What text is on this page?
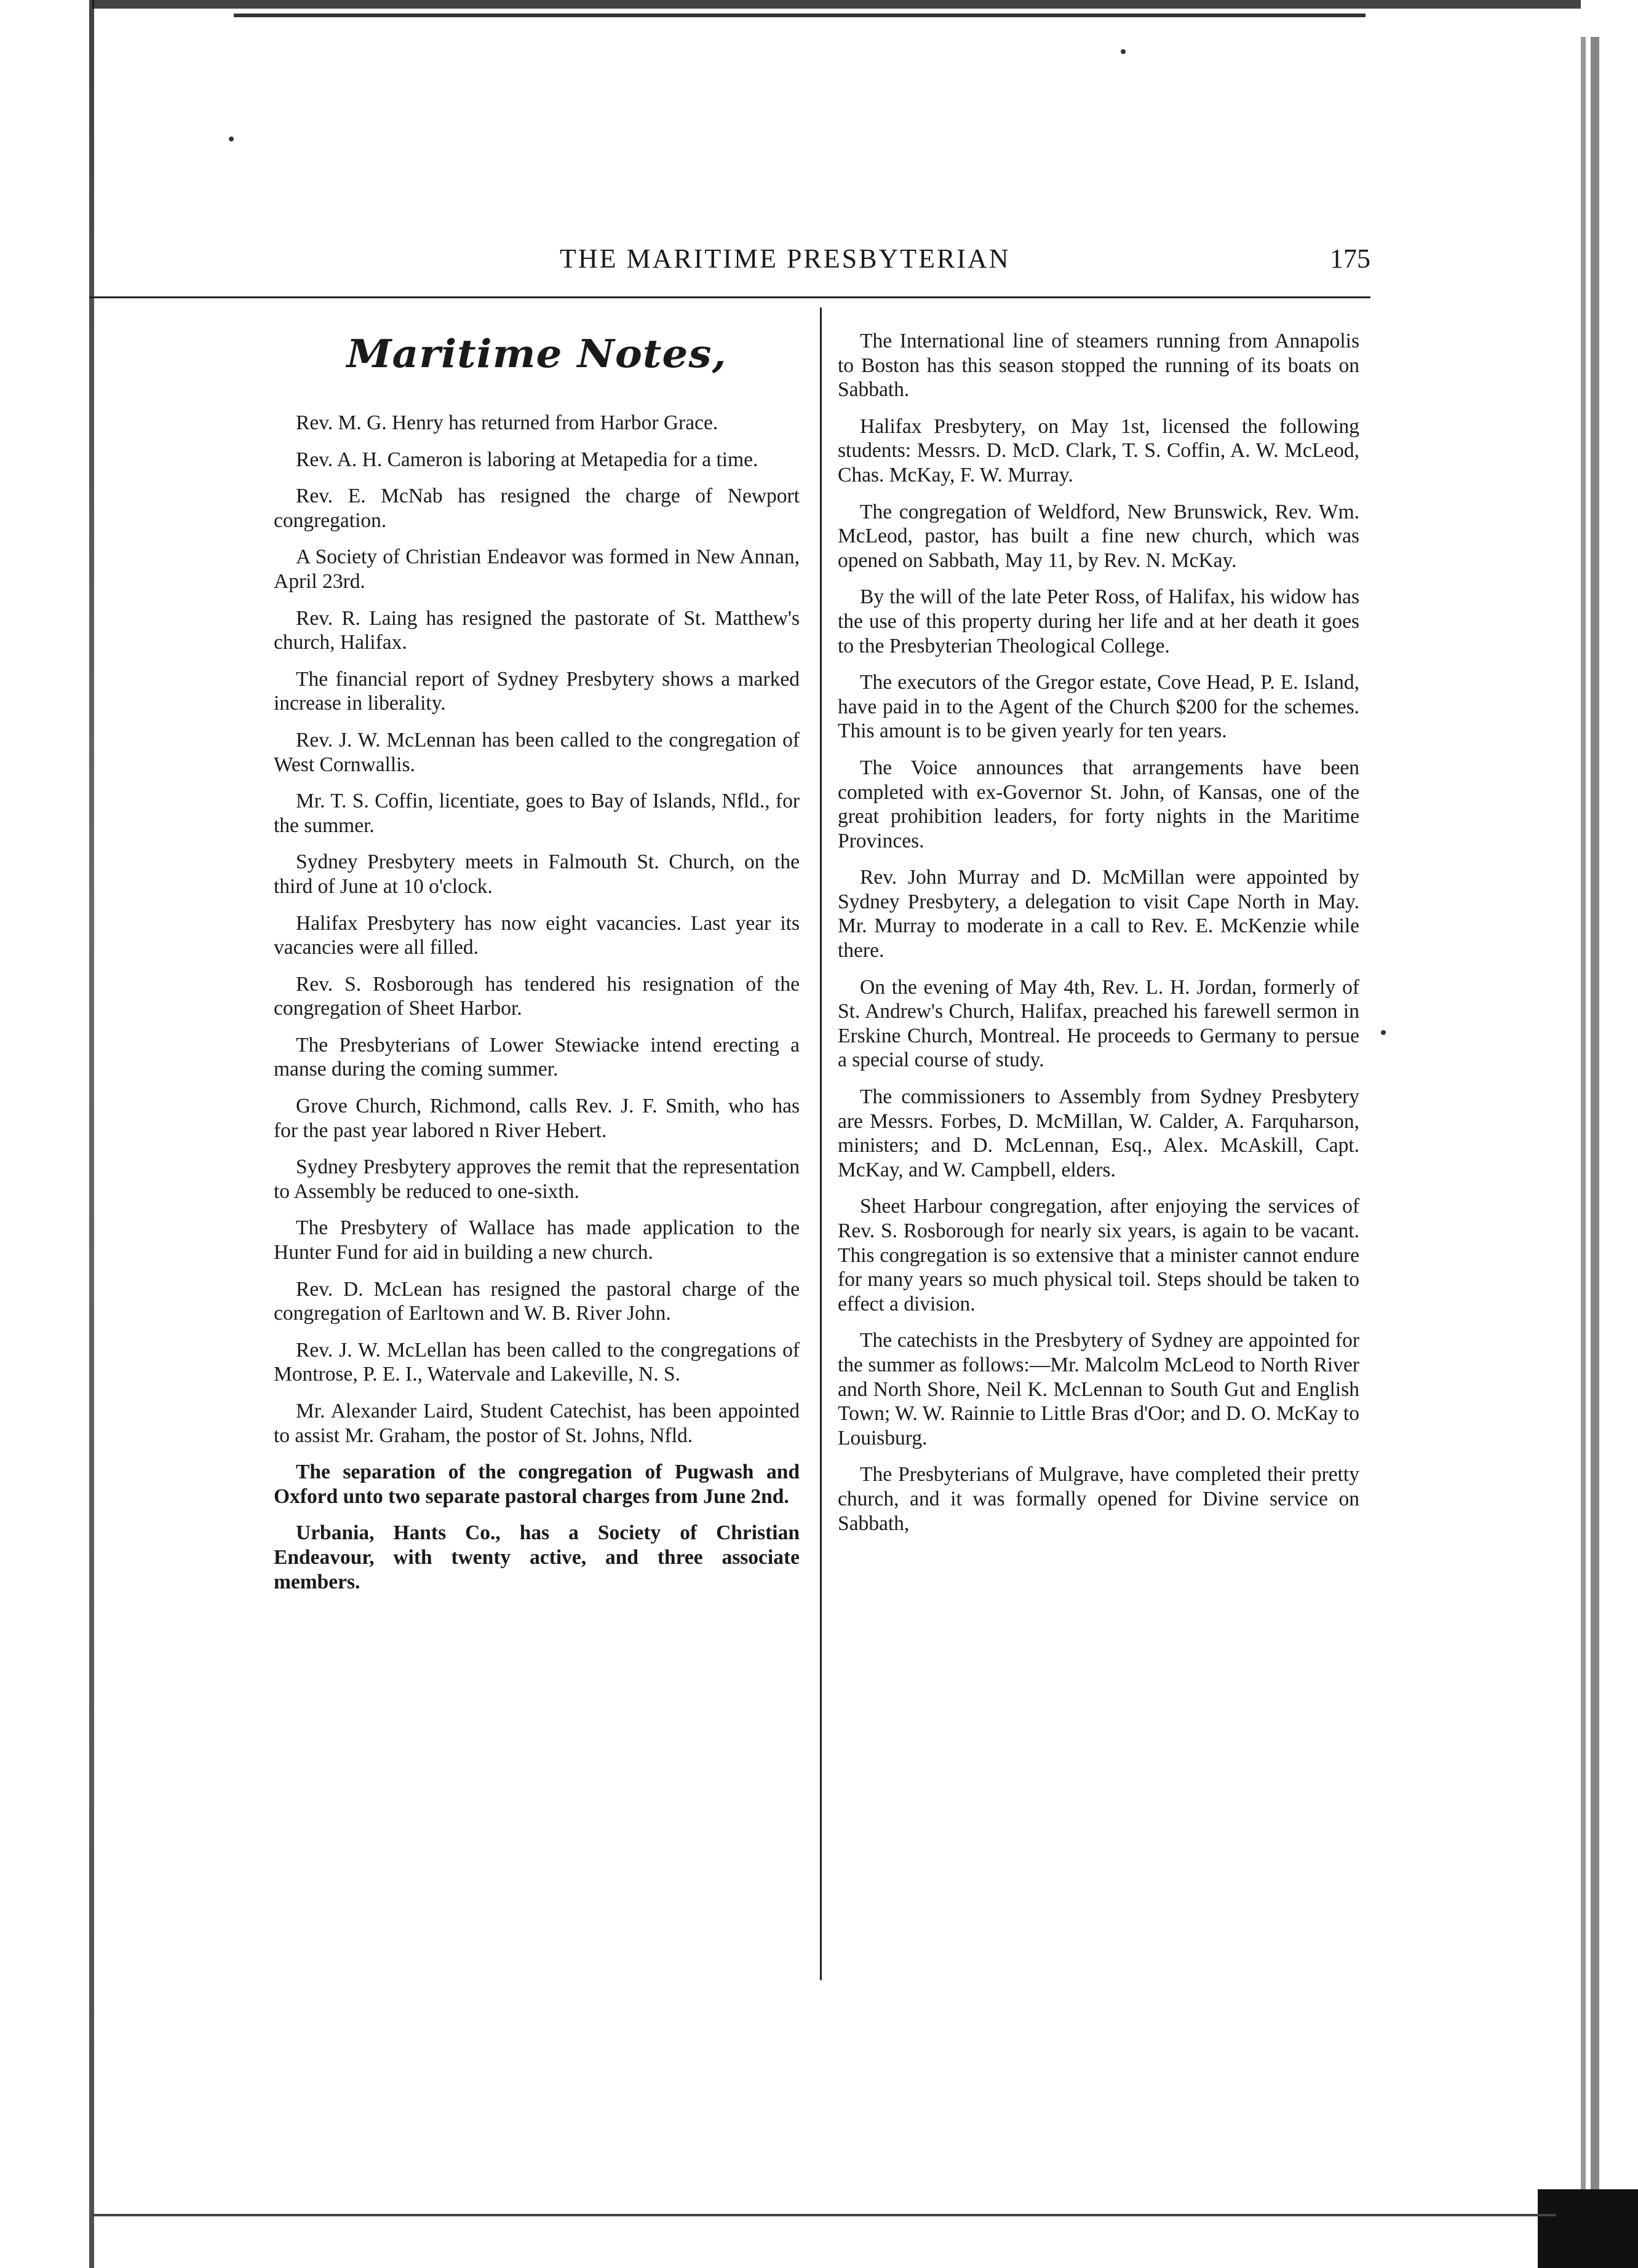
THE MARITIME PRESBYTERIAN	175
Maritime Notes,

Rev. M. G. Henry has returned from Harbor Grace.

Rev. A. H. Cameron is laboring at Metapedia for a time.

Rev. E. McNab has resigned the charge of Newport congregation.

A Society of Christian Endeavor was formed in New Annan, April 23rd.

Rev. R. Laing has resigned the pastorate of St. Matthew's church, Halifax.

The financial report of Sydney Presbytery shows a marked increase in liberality.

Rev. J. W. McLennan has been called to the congregation of West Cornwallis.

Mr. T. S. Coffin, licentiate, goes to Bay of Islands, Nfld., for the summer.

Sydney Presbytery meets in Falmouth St. Church, on the third of June at 10 o'clock.

Halifax Presbytery has now eight vacancies. Last year its vacancies were all filled.

Rev. S. Rosborough has tendered his resignation of the congregation of Sheet Harbor.

The Presbyterians of Lower Stewiacke intend erecting a manse during the coming summer.

Grove Church, Richmond, calls Rev. J. F. Smith, who has for the past year labored n River Hebert.

Sydney Presbytery approves the remit that the representation to Assembly be reduced to one-sixth.

The Presbytery of Wallace has made application to the Hunter Fund for aid in building a new church.

Rev. D. McLean has resigned the pastoral charge of the congregation of Earltown and W. B. River John.

Rev. J. W. McLellan has been called to the congregations of Montrose, P. E. I., Watervale and Lakeville, N. S.

Mr. Alexander Laird, Student Catechist, has been appointed to assist Mr. Graham, the postor of St. Johns, Nfld.

The separation of the congregation of Pugwash and Oxford unto two separate pastoral charges from June 2nd.

Urbania, Hants Co., has a Society of Christian Endeavour, with twenty active, and three associate members.

The International line of steamers running from Annapolis to Boston has this season stopped the running of its boats on Sabbath.

Halifax Presbytery, on May 1st, licensed the following students: Messrs. D. McD. Clark, T. S. Coffin, A. W. McLeod, Chas. McKay, F. W. Murray.

The congregation of Weldford, New Brunswick, Rev. Wm. McLeod, pastor, has built a fine new church, which was opened on Sabbath, May 11, by Rev. N. McKay.

By the will of the late Peter Ross, of Halifax, his widow has the use of this property during her life and at her death it goes to the Presbyterian Theological College.

The executors of the Gregor estate, Cove Head, P. E. Island, have paid in to the Agent of the Church $200 for the schemes. This amount is to be given yearly for ten years.

The Voice announces that arrangements have been completed with ex-Governor St. John, of Kansas, one of the great prohibition leaders, for forty nights in the Maritime Provinces.

Rev. John Murray and D. McMillan were appointed by Sydney Presbytery, a delegation to visit Cape North in May. Mr. Murray to moderate in a call to Rev. E. McKenzie while there.

On the evening of May 4th, Rev. L. H. Jordan, formerly of St. Andrew's Church, Halifax, preached his farewell sermon in Erskine Church, Montreal. He proceeds to Germany to persue a special course of study.

The commissioners to Assembly from Sydney Presbytery are Messrs. Forbes, D. McMillan, W. Calder, A. Farquharson, ministers; and D. McLennan, Esq., Alex. McAskill, Capt. McKay, and W. Campbell, elders.

Sheet Harbour congregation, after enjoying the services of Rev. S. Rosborough for nearly six years, is again to be vacant. This congregation is so extensive that a minister cannot endure for many years so much physical toil. Steps should be taken to effect a division.

The catechists in the Presbytery of Sydney are appointed for the summer as follows:—Mr. Malcolm McLeod to North River and North Shore, Neil K. McLennan to South Gut and English Town; W. W. Rainnie to Little Bras d'Oor; and D. O. McKay to Louisburg.

The Presbyterians of Mulgrave, have completed their pretty church, and it was formally opened for Divine service on Sabbath,
